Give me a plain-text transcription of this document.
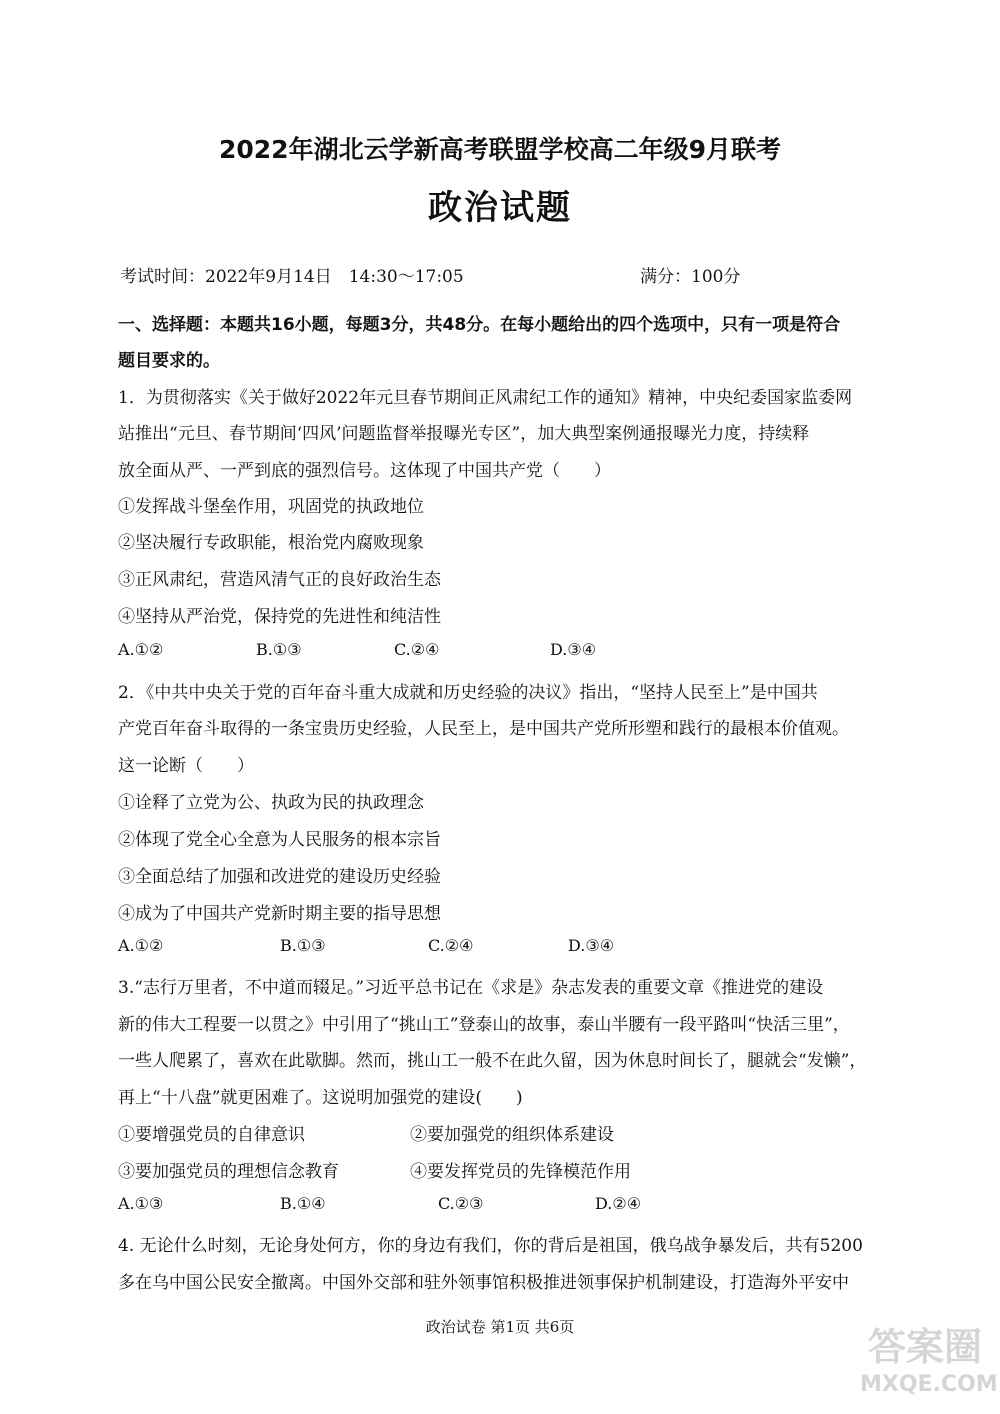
2022年湖北云学新高考联盟学校高二年级9月联考
政治试题
考试时间：2022年9月14日　14:30～17:05	满分：100分
一、选择题：本题共16小题，每题3分，共48分。在每小题给出的四个选项中，只有一项是符合
题目要求的。
1．为贯彻落实《关于做好2022年元旦春节期间正风肃纪工作的通知》精神，中央纪委国家监委网
站推出“元旦、春节期间‘四风’问题监督举报曝光专区”，加大典型案例通报曝光力度，持续释
放全面从严、一严到底的强烈信号。这体现了中国共产党（　　）
①发挥战斗堡垒作用，巩固党的执政地位
②坚决履行专政职能，根治党内腐败现象
③正风肃纪，营造风清气正的良好政治生态
④坚持从严治党，保持党的先进性和纯洁性
A.①②	B.①③	C.②④	D.③④
2．《中共中央关于党的百年奋斗重大成就和历史经验的决议》指出，“坚持人民至上”是中国共
产党百年奋斗取得的一条宝贵历史经验，人民至上，是中国共产党所形塑和践行的最根本价值观。
这一论断（　　）
①诠释了立党为公、执政为民的执政理念
②体现了党全心全意为人民服务的根本宗旨
③全面总结了加强和改进党的建设历史经验
④成为了中国共产党新时期主要的指导思想
A.①②	B.①③	C.②④	D.③④
3.“志行万里者，不中道而辍足。”习近平总书记在《求是》杂志发表的重要文章《推进党的建设
新的伟大工程要一以贯之》中引用了“挑山工”登泰山的故事，泰山半腰有一段平路叫“快活三里”，
一些人爬累了，喜欢在此歇脚。然而，挑山工一般不在此久留，因为休息时间长了，腿就会“发懒”，
再上“十八盘”就更困难了。这说明加强党的建设(　　)
①要增强党员的自律意识	②要加强党的组织体系建设
③要加强党员的理想信念教育	④要发挥党员的先锋模范作用
A.①③	B.①④	C.②③	D.②④
4. 无论什么时刻，无论身处何方，你的身边有我们，你的背后是祖国，俄乌战争暴发后，共有5200
多在乌中国公民安全撤离。中国外交部和驻外领事馆积极推进领事保护机制建设，打造海外平安中
政治试卷 第1页 共6页	答案圈
MXQE.COM
